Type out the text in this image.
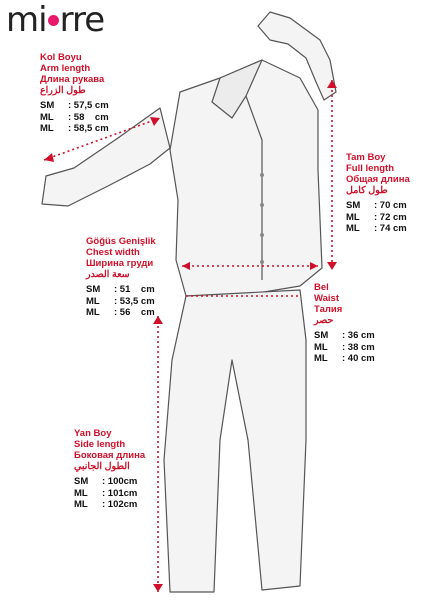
mi rre
Kol Boyu
Arm length
Длина рукава
طول الزراع
SM : 57,5 cm
ML : 58    cm
ML : 58,5 cm
Tam Boy
Full length
Общая длина
طول كامل
SM : 70 cm
ML : 72 cm
ML : 74 cm
Göğüs Genişlik
Chest width
Ширина груди
سعة الصدر
SM : 51    cm
ML : 53,5 cm
ML : 56    cm
Bel
Waist
Талия
حصر
SM : 36 cm
ML : 38 cm
ML : 40 cm
Yan Boy
Side length
Боковая длина
الطول الجانبي
SM : 100cm
ML : 101cm
ML : 102cm
